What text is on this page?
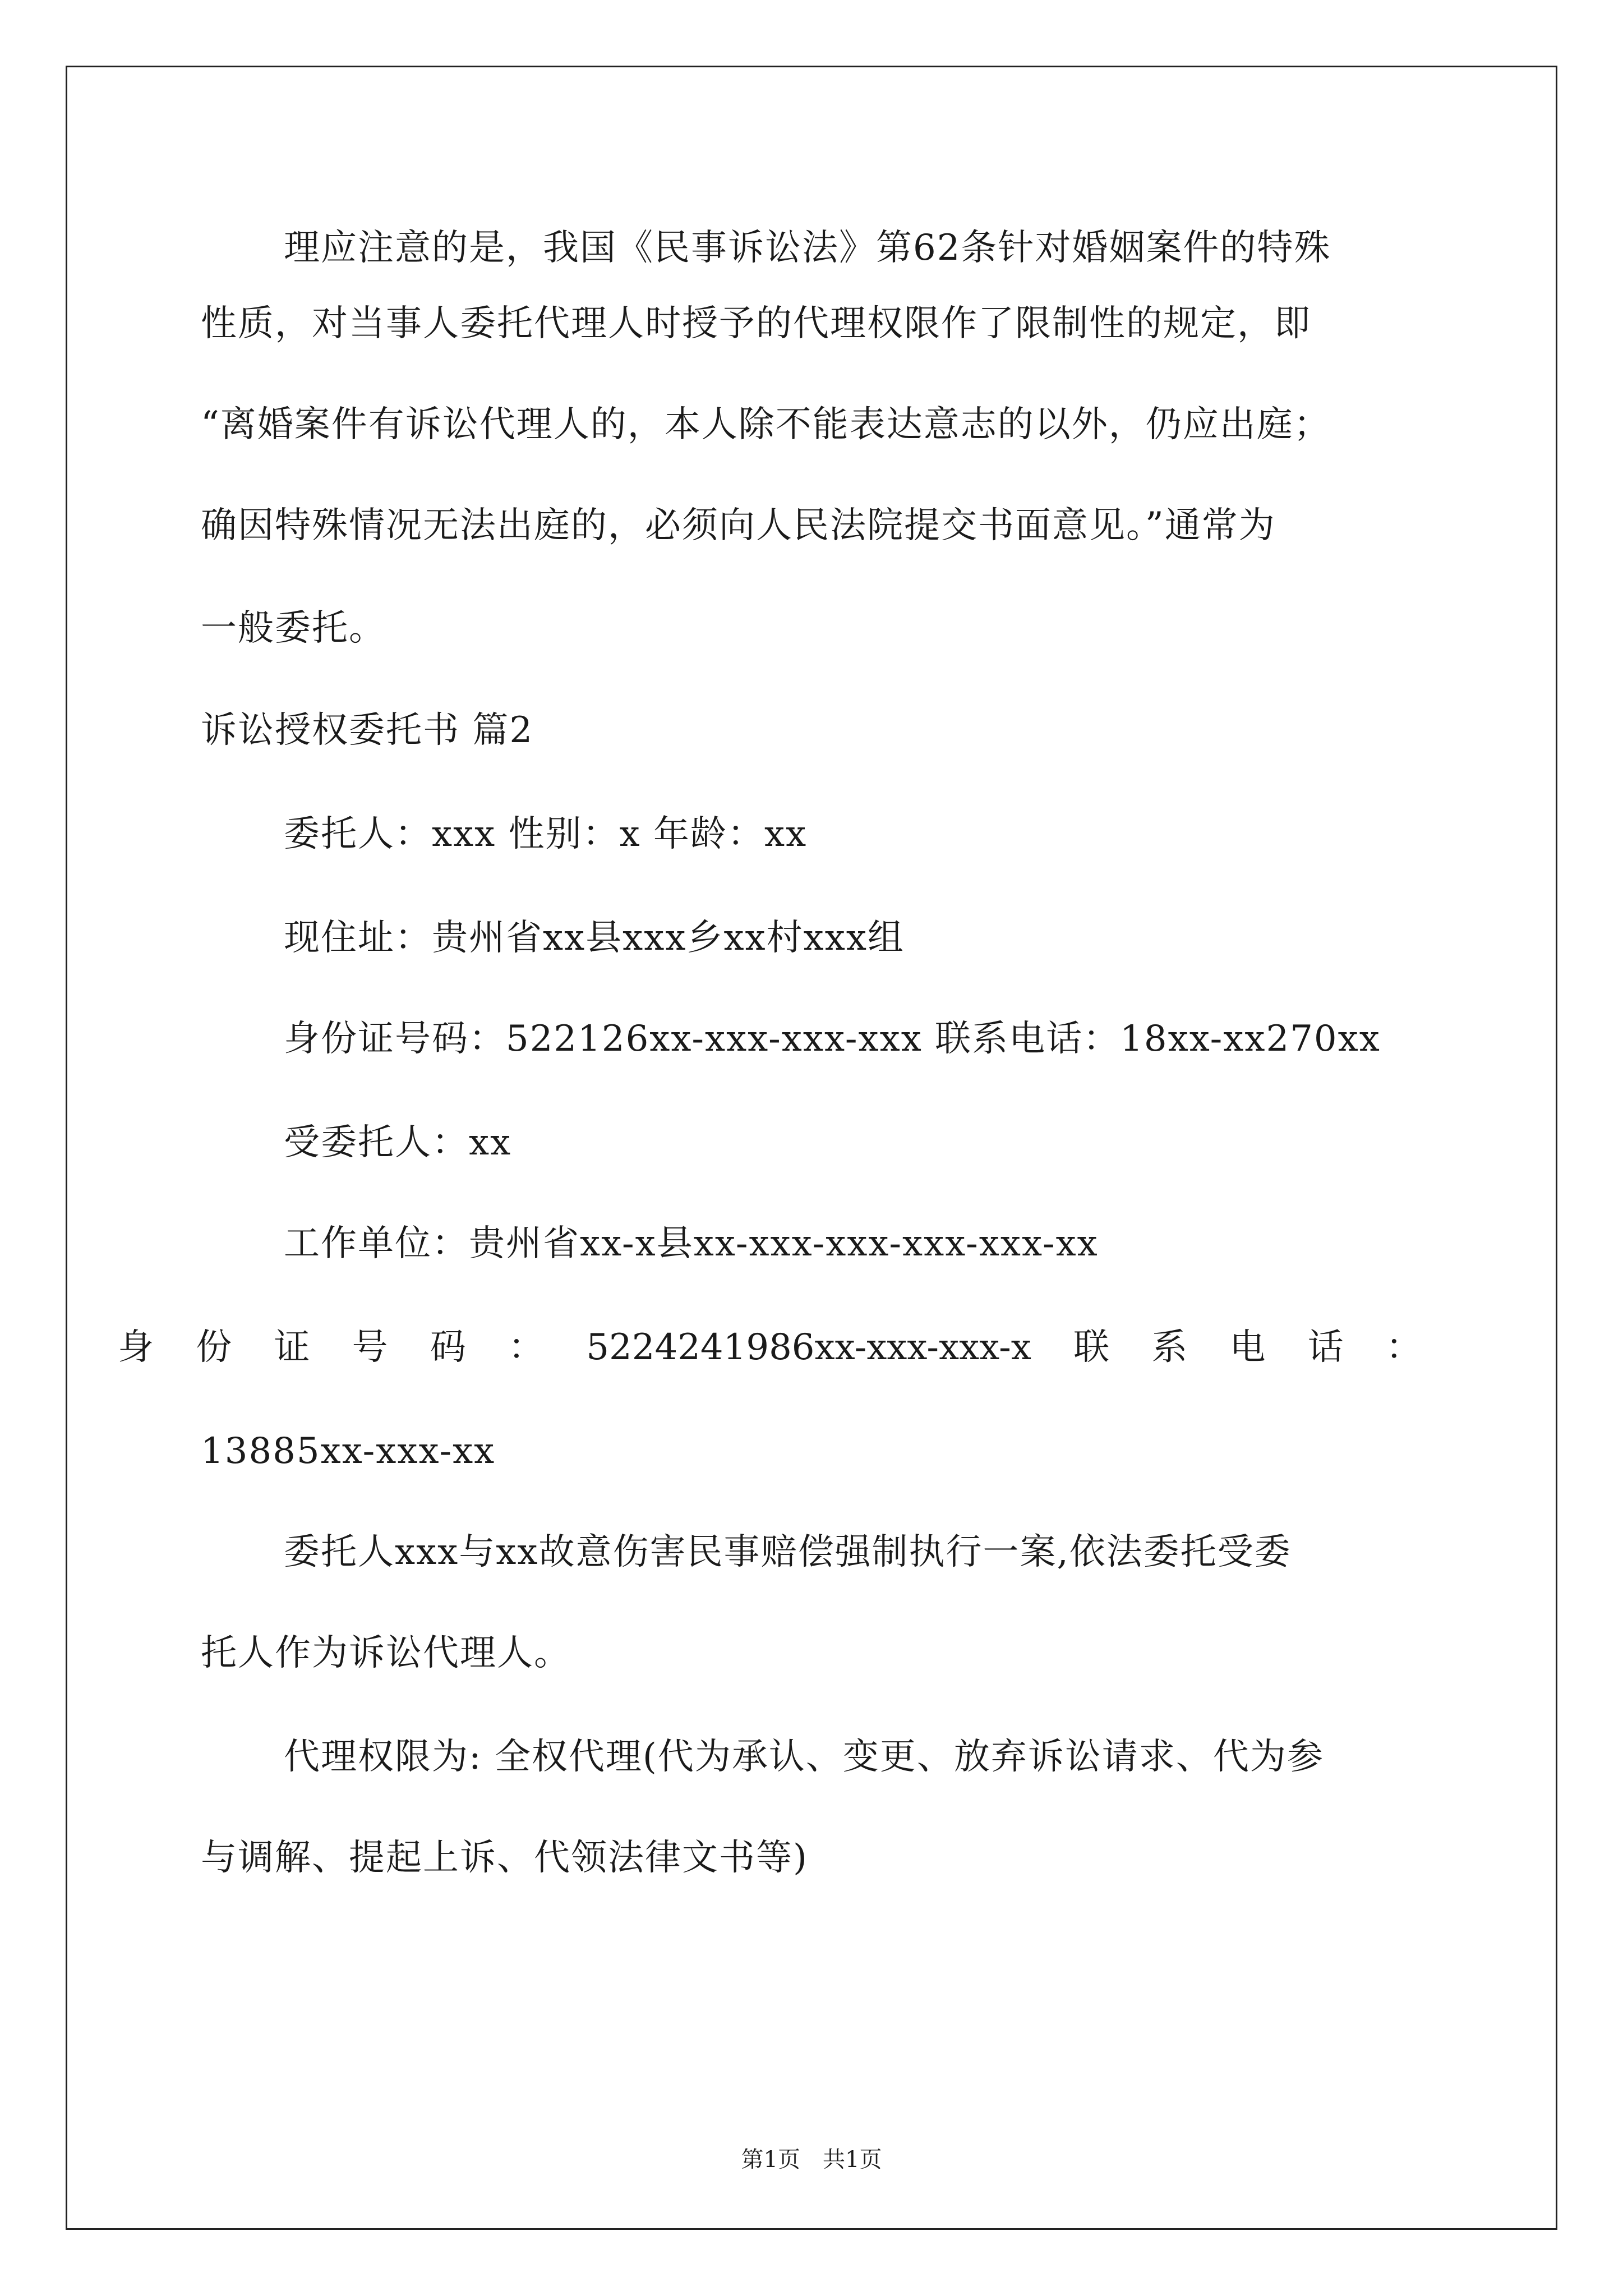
理应注意的是，我国《民事诉讼法》第62条针对婚姻案件的特殊
性质，对当事人委托代理人时授予的代理权限作了限制性的规定，即
“离婚案件有诉讼代理人的，本人除不能表达意志的以外，仍应出庭；
确因特殊情况无法出庭的，必须向人民法院提交书面意见。”通常为
一般委托。
诉讼授权委托书 篇2
委托人：xxx 性别：x 年龄：xx
现住址：贵州省xx县xxx乡xx村xxx组
身份证号码：522126xx-xxx-xxx-xxx 联系电话：18xx-xx270xx
受委托人：xx
工作单位：贵州省xx-x县xx-xxx-xxx-xxx-xxx-xx
身 份 证 号 码 ： 5224241986xx-xxx-xxx-x 联 系 电 话 ：
13885xx-xxx-xx
委托人xxx与xx故意伤害民事赔偿强制执行一案,依法委托受委
托人作为诉讼代理人。
代理权限为: 全权代理(代为承认、变更、放弃诉讼请求、代为参
与调解、提起上诉、代领法律文书等)
第1页　共1页
